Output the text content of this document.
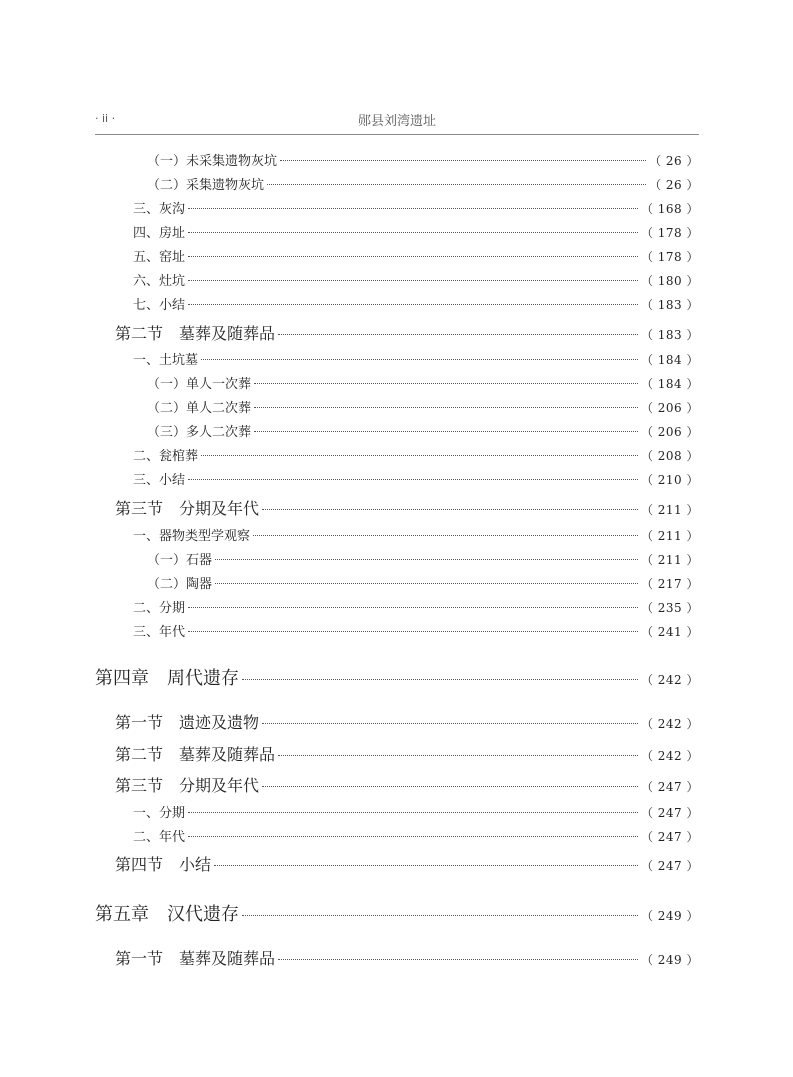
· ii ·	郧县刘湾遗址
（一）未采集遗物灰坑	（ 26 ）
（二）采集遗物灰坑	（ 26 ）
三、灰沟	（ 168 ）
四、房址	（ 178 ）
五、窑址	（ 178 ）
六、灶坑	（ 180 ）
七、小结	（ 183 ）
第二节　墓葬及随葬品	（ 183 ）
一、土坑墓	（ 184 ）
（一）单人一次葬	（ 184 ）
（二）单人二次葬	（ 206 ）
（三）多人二次葬	（ 206 ）
二、瓮棺葬	（ 208 ）
三、小结	（ 210 ）
第三节　分期及年代	（ 211 ）
一、器物类型学观察	（ 211 ）
（一）石器	（ 211 ）
（二）陶器	（ 217 ）
二、分期	（ 235 ）
三、年代	（ 241 ）
第四章　周代遗存	（ 242 ）
第一节　遗迹及遗物	（ 242 ）
第二节　墓葬及随葬品	（ 242 ）
第三节　分期及年代	（ 247 ）
一、分期	（ 247 ）
二、年代	（ 247 ）
第四节　小结	（ 247 ）
第五章　汉代遗存	（ 249 ）
第一节　墓葬及随葬品	（ 249 ）
